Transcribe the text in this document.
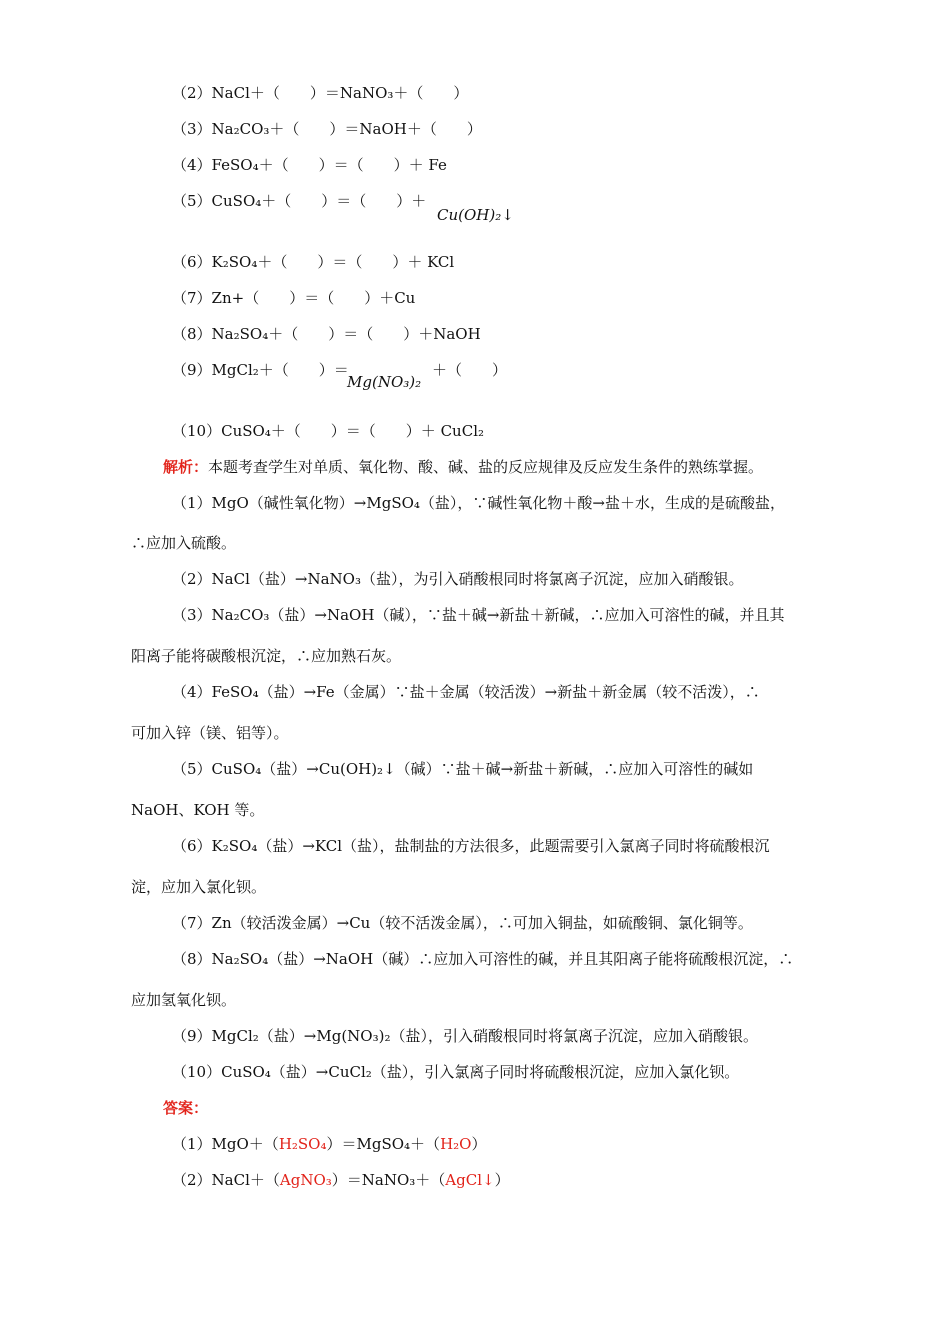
（2）NaCl＋（　　）＝NaNO₃＋（　　）
（3）Na₂CO₃＋（　　）＝NaOH＋（　　）
（4）FeSO₄＋（　　）＝（　　）＋ Fe
（5）CuSO₄＋（　　）＝（　　）＋
Cu(OH)₂↓
（6）K₂SO₄＋（　　）＝（　　）＋ KCl
（7）Zn+（　　）＝（　　）＋Cu
（8）Na₂SO₄＋（　　）＝（　　）＋NaOH
（9）MgCl₂＋（　　）＝
Mg(NO₃)₂
＋（　　）
（10）CuSO₄＋（　　）＝（　　）＋ CuCl₂
解析：本题考查学生对单质、氧化物、酸、碱、盐的反应规律及反应发生条件的熟练掌握。
（1）MgO（碱性氧化物）→MgSO₄（盐），∵碱性氧化物＋酸→盐＋水，生成的是硫酸盐，
∴应加入硫酸。
（2）NaCl（盐）→NaNO₃（盐），为引入硝酸根同时将氯离子沉淀，应加入硝酸银。
（3）Na₂CO₃（盐）→NaOH（碱），∵盐＋碱→新盐＋新碱，∴应加入可溶性的碱，并且其
阳离子能将碳酸根沉淀，∴应加熟石灰。
（4）FeSO₄（盐）→Fe（金属）∵盐＋金属（较活泼）→新盐＋新金属（较不活泼），∴
可加入锌（镁、铝等）。
（5）CuSO₄（盐）→Cu(OH)₂↓（碱）∵盐＋碱→新盐＋新碱，∴应加入可溶性的碱如
NaOH、KOH 等。
（6）K₂SO₄（盐）→KCl（盐），盐制盐的方法很多，此题需要引入氯离子同时将硫酸根沉
淀，应加入氯化钡。
（7）Zn（较活泼金属）→Cu（较不活泼金属），∴可加入铜盐，如硫酸铜、氯化铜等。
（8）Na₂SO₄（盐）→NaOH（碱）∴应加入可溶性的碱，并且其阳离子能将硫酸根沉淀，∴
应加氢氧化钡。
（9）MgCl₂（盐）→Mg(NO₃)₂（盐），引入硝酸根同时将氯离子沉淀，应加入硝酸银。
（10）CuSO₄（盐）→CuCl₂（盐），引入氯离子同时将硫酸根沉淀，应加入氯化钡。
答案：
（1）MgO＋（H₂SO₄）＝MgSO₄＋（H₂O）
（2）NaCl＋（AgNO₃）＝NaNO₃＋（AgCl↓）
